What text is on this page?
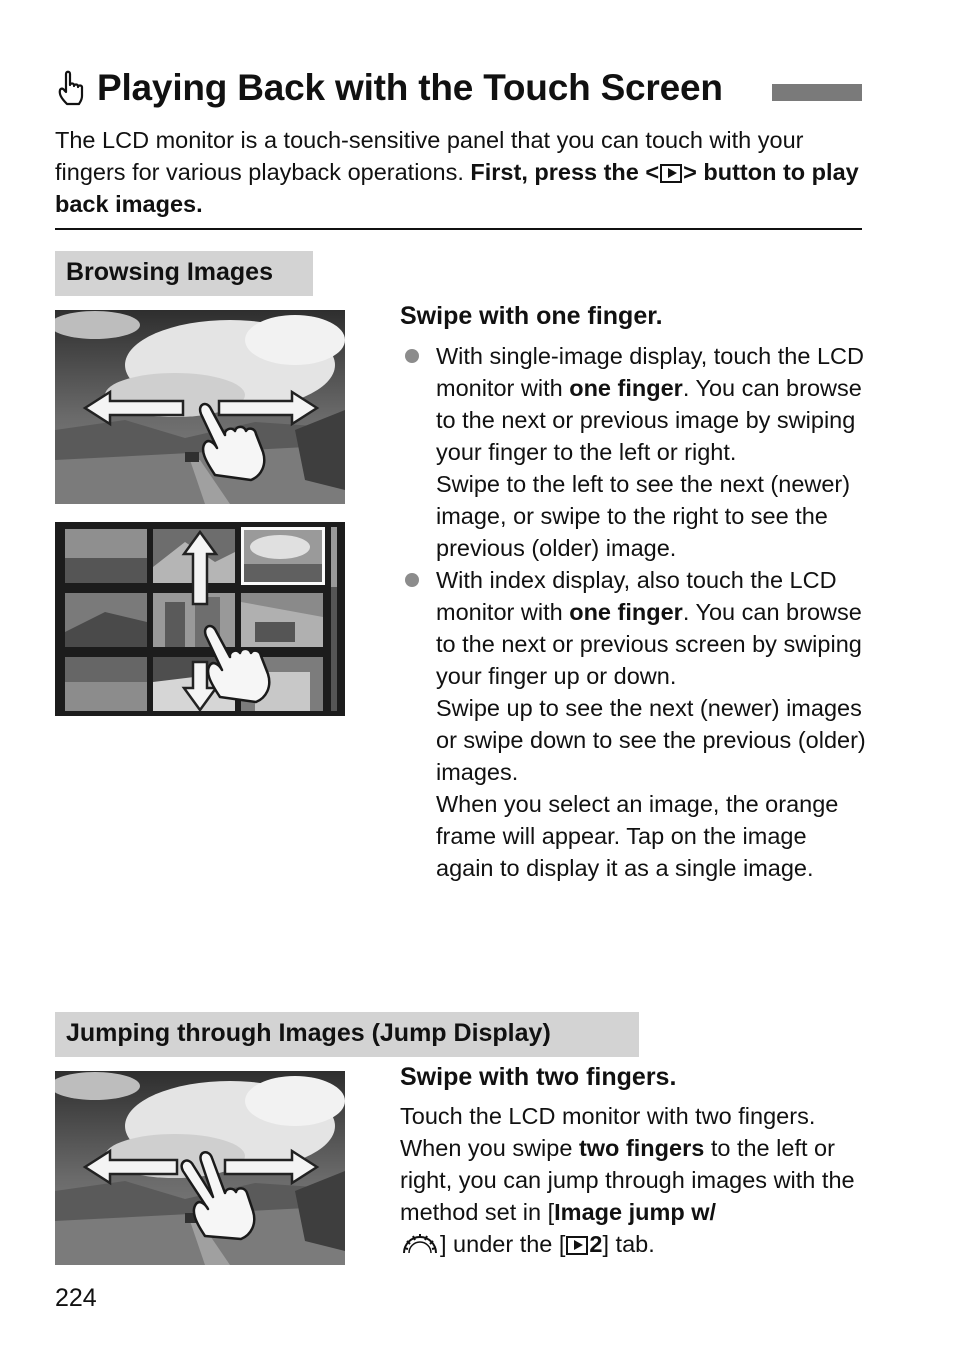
Playing Back with the Touch Screen
The LCD monitor is a touch-sensitive panel that you can touch with your fingers for various playback operations. First, press the < > button to play back images.
Browsing Images
Swipe with one finger.

With single-image display, touch the LCD monitor with one finger. You can browse to the next or previous image by swiping your finger to the left or right.

Swipe to the left to see the next (newer) image, or swipe to the right to see the previous (older) image.

With index display, also touch the LCD monitor with one finger. You can browse to the next or previous screen by swiping your finger up or down.

Swipe up to see the next (newer) images or swipe down to see the previous (older) images.

When you select an image, the orange frame will appear. Tap on the image again to display it as a single image.

Jumping through Images (Jump Display)
Swipe with two fingers.

Touch the LCD monitor with two fingers.

When you swipe two fingers to the left or right, you can jump through images with the method set in [Image jump w/
] under the [ 2] tab.

224
